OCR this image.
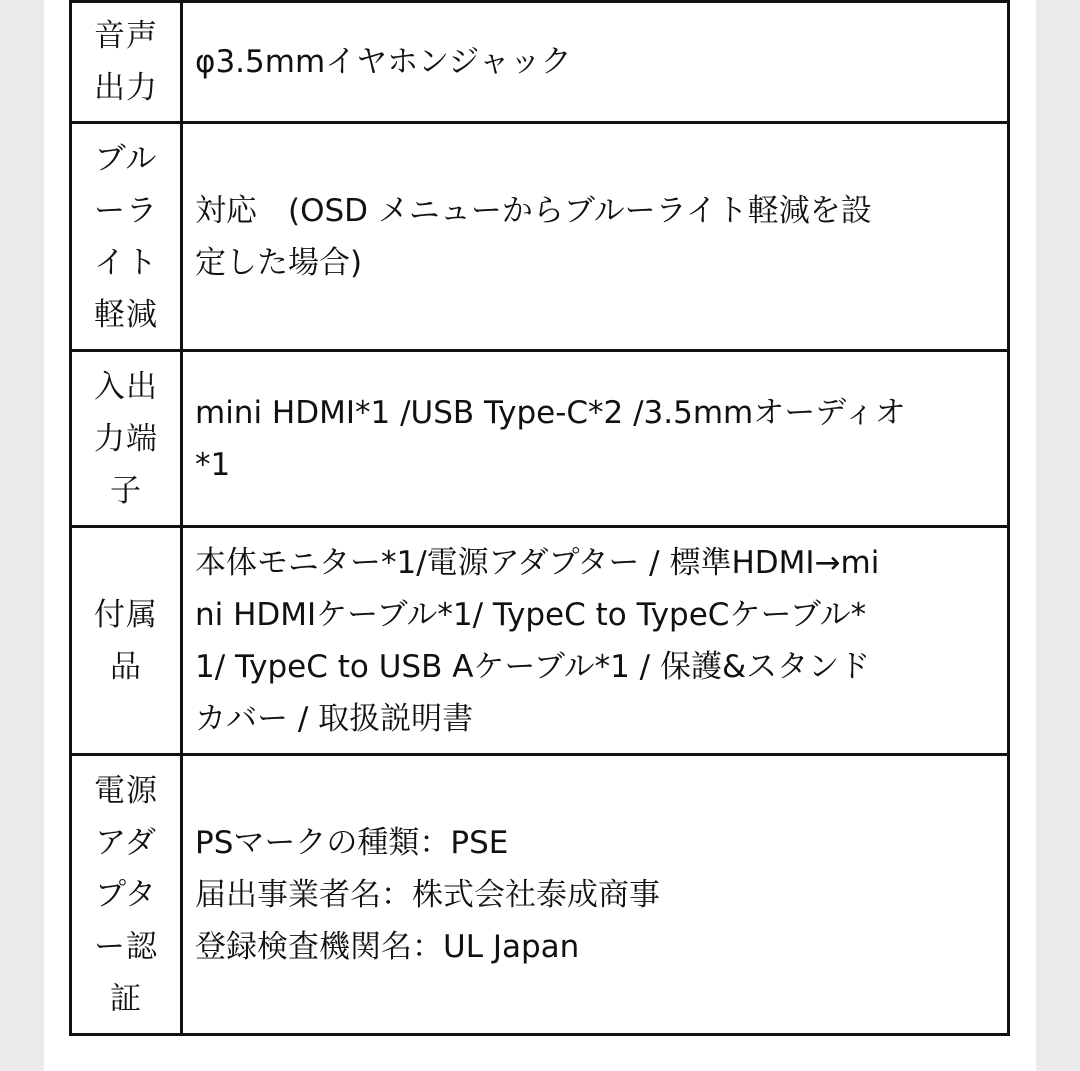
音声出力	φ3.5mmイヤホンジャック

ブルーライト軽減	対応　(OSD メニューからブルーライト軽減を設
定した場合)

入出力端子	mini HDMI*1 /USB Type-C*2 /3.5mmオーディオ
*1

付属品	本体モニター*1/電源アダプター / 標準HDMI→mi
ni HDMIケーブル*1/ TypeC to TypeCケーブル*
1/ TypeC to USB Aケーブル*1 / 保護&スタンド
カバー / 取扱説明書

電源アダプター認証	PSマークの種類：PSE
届出事業者名：株式会社泰成商事
登録検査機関名：UL Japan
